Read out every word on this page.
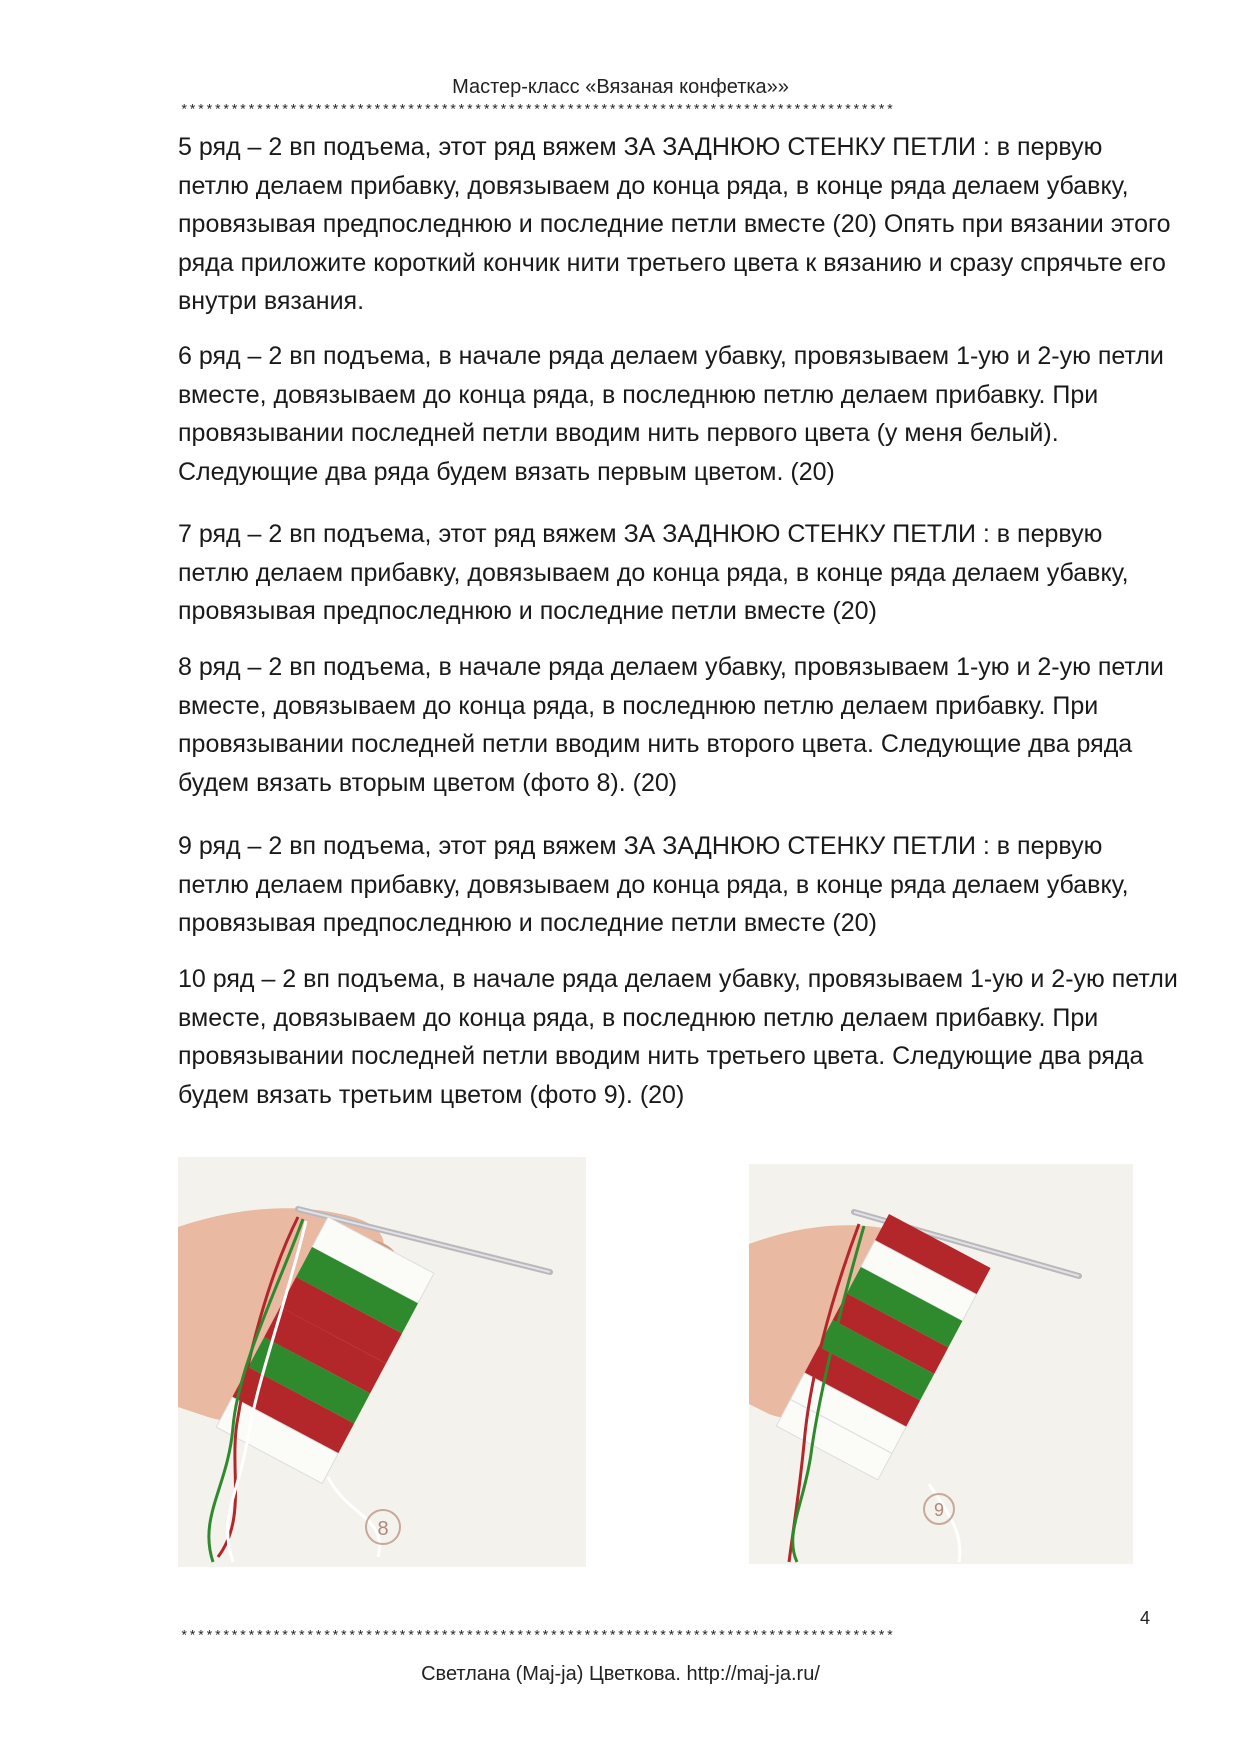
Мастер-класс «Вязаная конфетка»»
*************************************************************************************

5 ряд – 2 вп подъема, этот ряд вяжем ЗА ЗАДНЮЮ СТЕНКУ ПЕТЛИ : в первую петлю делаем прибавку, довязываем до конца ряда, в конце ряда делаем убавку, провязывая предпоследнюю и последние петли вместе (20) Опять при вязании этого ряда приложите короткий кончик нити третьего цвета к вязанию и сразу спрячьте его внутри вязания.

6 ряд – 2 вп подъема, в начале ряда делаем убавку, провязываем 1-ую и 2-ую петли вместе, довязываем до конца ряда, в последнюю петлю делаем прибавку. При провязывании последней петли вводим нить первого цвета (у меня белый). Следующие два ряда будем вязать первым цветом. (20)

7 ряд – 2 вп подъема, этот ряд вяжем ЗА ЗАДНЮЮ СТЕНКУ ПЕТЛИ : в первую петлю делаем прибавку, довязываем до конца ряда, в конце ряда делаем убавку, провязывая предпоследнюю и последние петли вместе (20)

8 ряд – 2 вп подъема, в начале ряда делаем убавку, провязываем 1-ую и 2-ую петли вместе, довязываем до конца ряда, в последнюю петлю делаем прибавку. При провязывании последней петли вводим нить второго цвета. Следующие два ряда будем вязать вторым цветом (фото 8). (20)

9 ряд – 2 вп подъема, этот ряд вяжем ЗА ЗАДНЮЮ СТЕНКУ ПЕТЛИ : в первую петлю делаем прибавку, довязываем до конца ряда, в конце ряда делаем убавку, провязывая предпоследнюю и последние петли вместе (20)

10 ряд – 2 вп подъема, в начале ряда делаем убавку, провязываем 1-ую и 2-ую петли вместе, довязываем до конца ряда, в последнюю петлю делаем прибавку. При провязывании последней петли вводим нить третьего цвета. Следующие два ряда будем вязать третьим цветом (фото 9). (20)

8
9
4
*************************************************************************************
Светлана (Maj-ja) Цветкова. http://maj-ja.ru/
